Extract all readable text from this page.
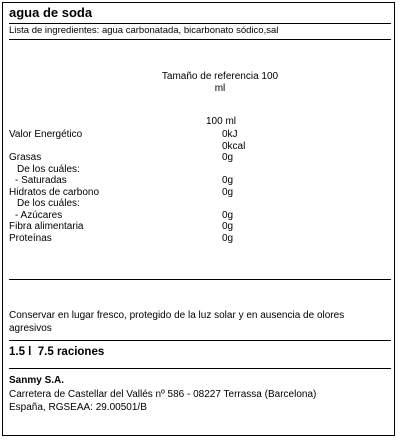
agua de soda
Lista de ingredientes: agua carbonatada, bicarbonato sódico,sal
Tamaño de referencia 100
ml
100 ml
Valor Energético	0kJ
0kcal
Grasas	0g
De los cuáles:
- Saturadas	0g
Hidratos de carbono	0g
De los cuáles:
- Azúcares	0g
Fibra alimentaria	0g
Proteínas	0g
Conservar en lugar fresco, protegido de la luz solar y en ausencia de olores agresivos
1.5 l  7.5 raciones
Sanmy S.A.
Carretera de Castellar del Vallés nº 586 - 08227 Terrassa (Barcelona)
España, RGSEAA: 29.00501/B
